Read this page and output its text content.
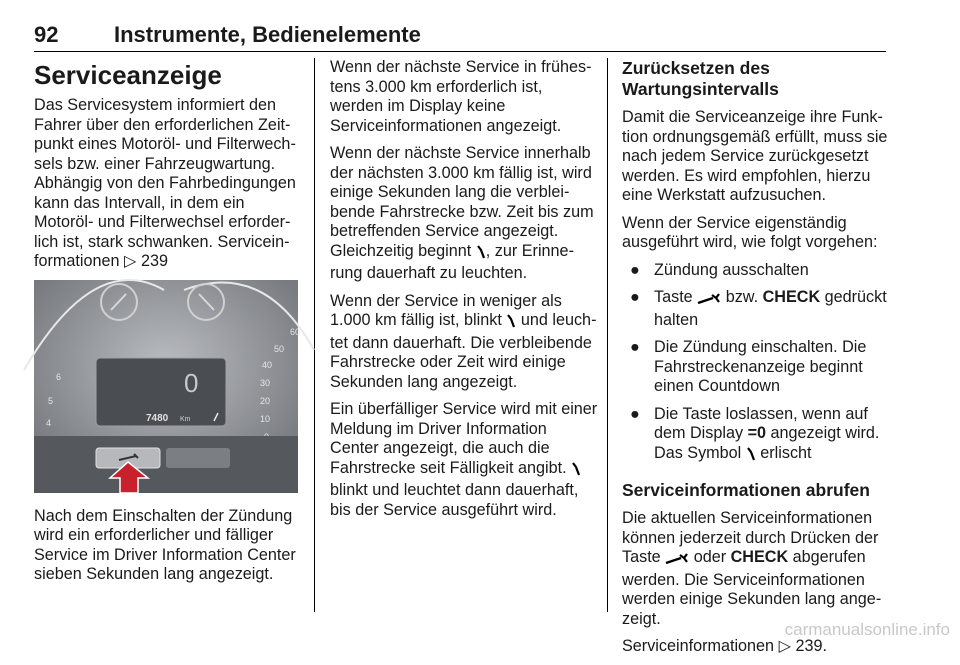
92	Instrumente, Bedienelemente
Serviceanzeige

Das Servicesystem informiert den Fahrer über den erforderlichen Zeitpunkt eines Motoröl- und Filterwechsels bzw. einer Fahrzeugwartung. Abhängig von den Fahrbedingungen kann das Intervall, in dem ein Motoröl- und Filterwechsel erforderlich ist, stark schwanken. Serviceinformationen ▷ 239

60
50
40
30
20
10
6
5
4
0
7480 Km

Nach dem Einschalten der Zündung wird ein erforderlicher und fälliger Service im Driver Information Center sieben Sekunden lang angezeigt.

Wenn der nächste Service in frühestens 3.000 km erforderlich ist, werden im Display keine Serviceinformationen angezeigt.

Wenn der nächste Service innerhalb der nächsten 3.000 km fällig ist, wird einige Sekunden lang die verbleibende Fahrstrecke bzw. Zeit bis zum betreffenden Service angezeigt. Gleichzeitig beginnt , zur Erinnerung dauerhaft zu leuchten.

Wenn der Service in weniger als 1.000 km fällig ist, blinkt und leuchtet dann dauerhaft. Die verbleibende Fahrstrecke oder Zeit wird einige Sekunden lang angezeigt.

Ein überfälliger Service wird mit einer Meldung im Driver Information Center angezeigt, die auch die Fahrstrecke seit Fälligkeit angibt.  blinkt und leuchtet dann dauerhaft, bis der Service ausgeführt wird.

Zurücksetzen des Wartungsintervalls

Damit die Serviceanzeige ihre Funktion ordnungsgemäß erfüllt, muss sie nach jedem Service zurückgesetzt werden. Es wird empfohlen, hierzu eine Werkstatt aufzusuchen.

Wenn der Service eigenständig ausgeführt wird, wie folgt vorgehen:

● Zündung ausschalten
● Taste bzw. CHECK gedrückt halten
● Die Zündung einschalten. Die Fahrstreckenanzeige beginnt einen Countdown
● Die Taste loslassen, wenn auf dem Display =0 angezeigt wird. Das Symbol erlischt
Serviceinformationen abrufen

Die aktuellen Serviceinformationen können jederzeit durch Drücken der Taste oder CHECK abgerufen werden. Die Serviceinformationen werden einige Sekunden lang angezeigt.

Serviceinformationen ▷ 239.

carmanualsonline.info
